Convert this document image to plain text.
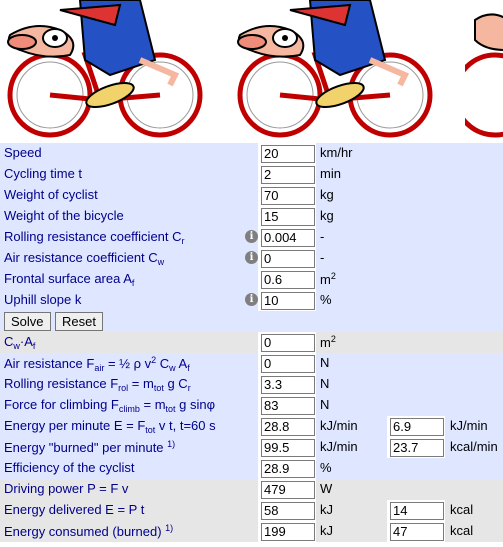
Speed	20	km/hr
Cycling time t	2	min
Weight of cyclist	70	kg
Weight of the bicycle	15	kg
Rolling resistance coefficient $C_r$	i 0.004	-
Air resistance coefficient $C_w$	i 0	-
Frontal surface area $A_f$	0.6	$m^2$
Uphill slope k	i 10	%
Solve	Reset
$C_w\cdot A_f$	0	$m^2$
Air resistance $F_{air}$ = ½ ρ $v^2$ $C_w$ $A_f$	0	N
Rolling resistance $F_{rol} = m_{tot}$ g $C_r$	3.3	N
Force for climbing $F_{climb} = m_{tot}$ g sinφ	83	N
Energy per minute $E = F_{tot}$ v t, t=60 s	28.8	kJ/min	6.9	kJ/min
Energy "burned" per minute $^{1)}$	99.5	kJ/min	23.7	kcal/min
Efficiency of the cyclist	28.9	%
Driving power P = F v	479	W
Energy delivered E = P t	58	kJ	14	kcal
Energy consumed (burned) $^{1)}$	199	kJ	47	kcal
